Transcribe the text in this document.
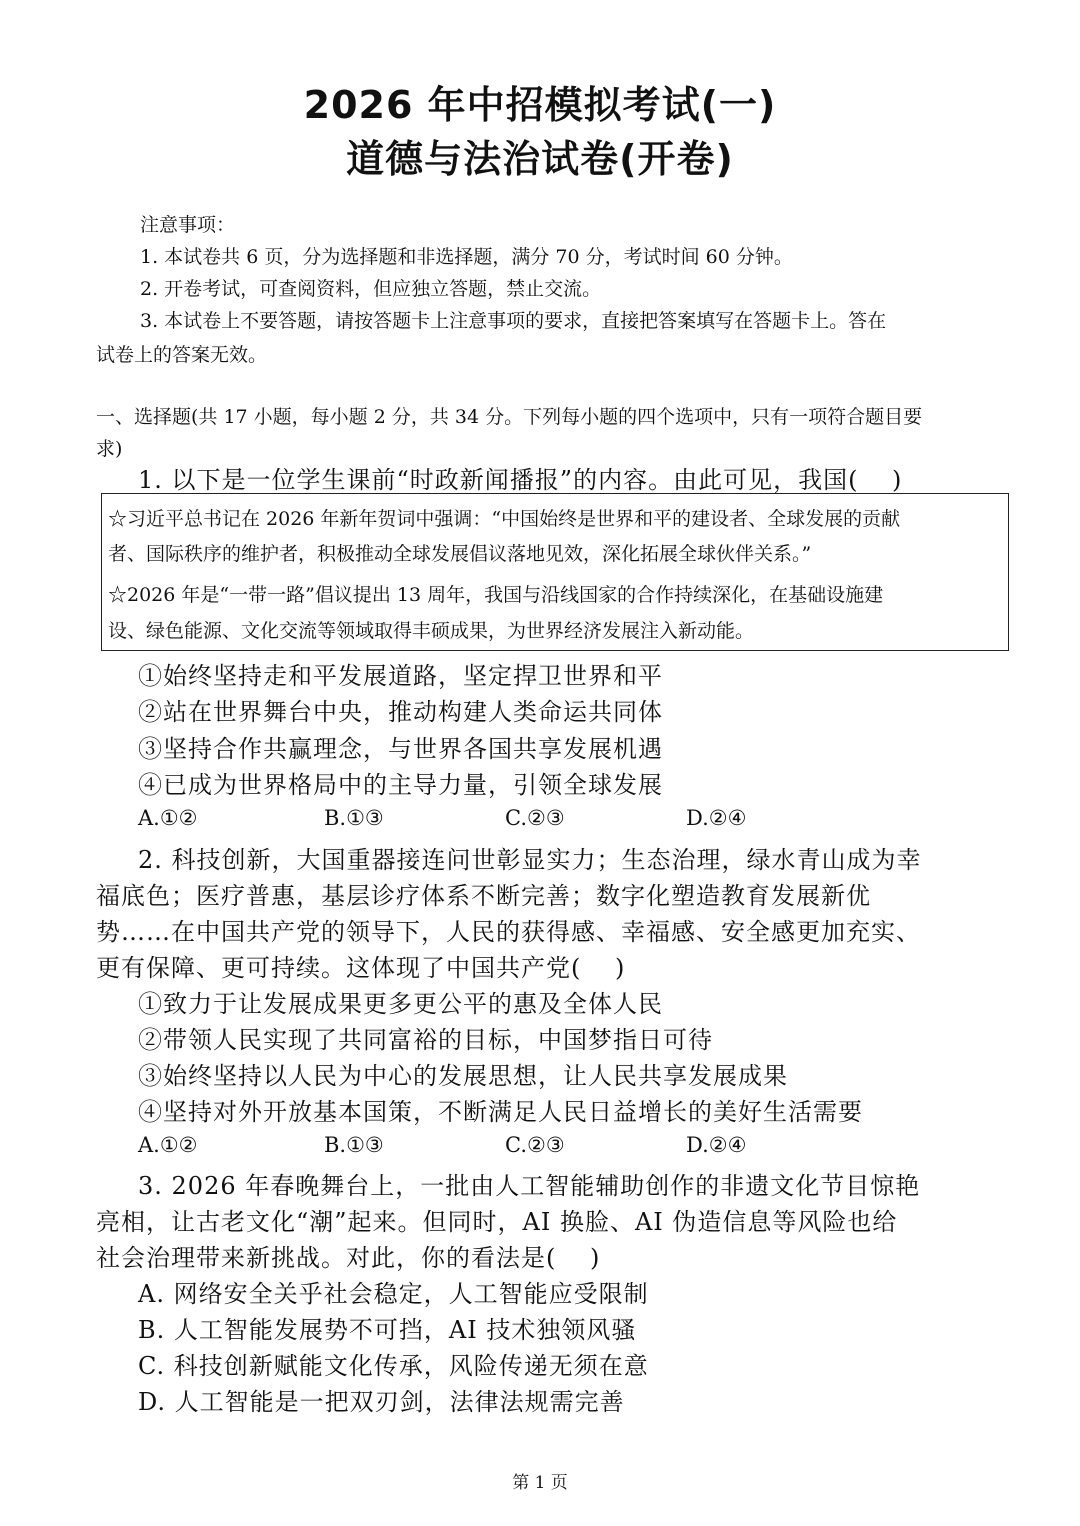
2026 年中招模拟考试(一)
道德与法治试卷(开卷)
注意事项：
1. 本试卷共 6 页，分为选择题和非选择题，满分 70 分，考试时间 60 分钟。
2. 开卷考试，可查阅资料，但应独立答题，禁止交流。
3. 本试卷上不要答题，请按答题卡上注意事项的要求，直接把答案填写在答题卡上。答在
试卷上的答案无效。
一、选择题(共 17 小题，每小题 2 分，共 34 分。下列每小题的四个选项中，只有一项符合题目要
求)
1. 以下是一位学生课前“时政新闻播报”的内容。由此可见，我国(　 )
☆习近平总书记在 2026 年新年贺词中强调：“中国始终是世界和平的建设者、全球发展的贡献
者、国际秩序的维护者，积极推动全球发展倡议落地见效，深化拓展全球伙伴关系。”
☆2026 年是“一带一路”倡议提出 13 周年，我国与沿线国家的合作持续深化，在基础设施建
设、绿色能源、文化交流等领域取得丰硕成果，为世界经济发展注入新动能。
①始终坚持走和平发展道路，坚定捍卫世界和平
②站在世界舞台中央，推动构建人类命运共同体
③坚持合作共赢理念，与世界各国共享发展机遇
④已成为世界格局中的主导力量，引领全球发展
A.①②	B.①③	C.②③	D.②④
2. 科技创新，大国重器接连问世彰显实力；生态治理，绿水青山成为幸
福底色；医疗普惠，基层诊疗体系不断完善；数字化塑造教育发展新优
势……在中国共产党的领导下，人民的获得感、幸福感、安全感更加充实、
更有保障、更可持续。这体现了中国共产党(　 )
①致力于让发展成果更多更公平的惠及全体人民
②带领人民实现了共同富裕的目标，中国梦指日可待
③始终坚持以人民为中心的发展思想，让人民共享发展成果
④坚持对外开放基本国策，不断满足人民日益增长的美好生活需要
A.①②	B.①③	C.②③	D.②④
3. 2026 年春晚舞台上，一批由人工智能辅助创作的非遗文化节目惊艳
亮相，让古老文化“潮”起来。但同时，AI 换脸、AI 伪造信息等风险也给
社会治理带来新挑战。对此，你的看法是(　 )
A. 网络安全关乎社会稳定，人工智能应受限制
B. 人工智能发展势不可挡，AI 技术独领风骚
C. 科技创新赋能文化传承，风险传递无须在意
D. 人工智能是一把双刃剑，法律法规需完善
第 1 页
